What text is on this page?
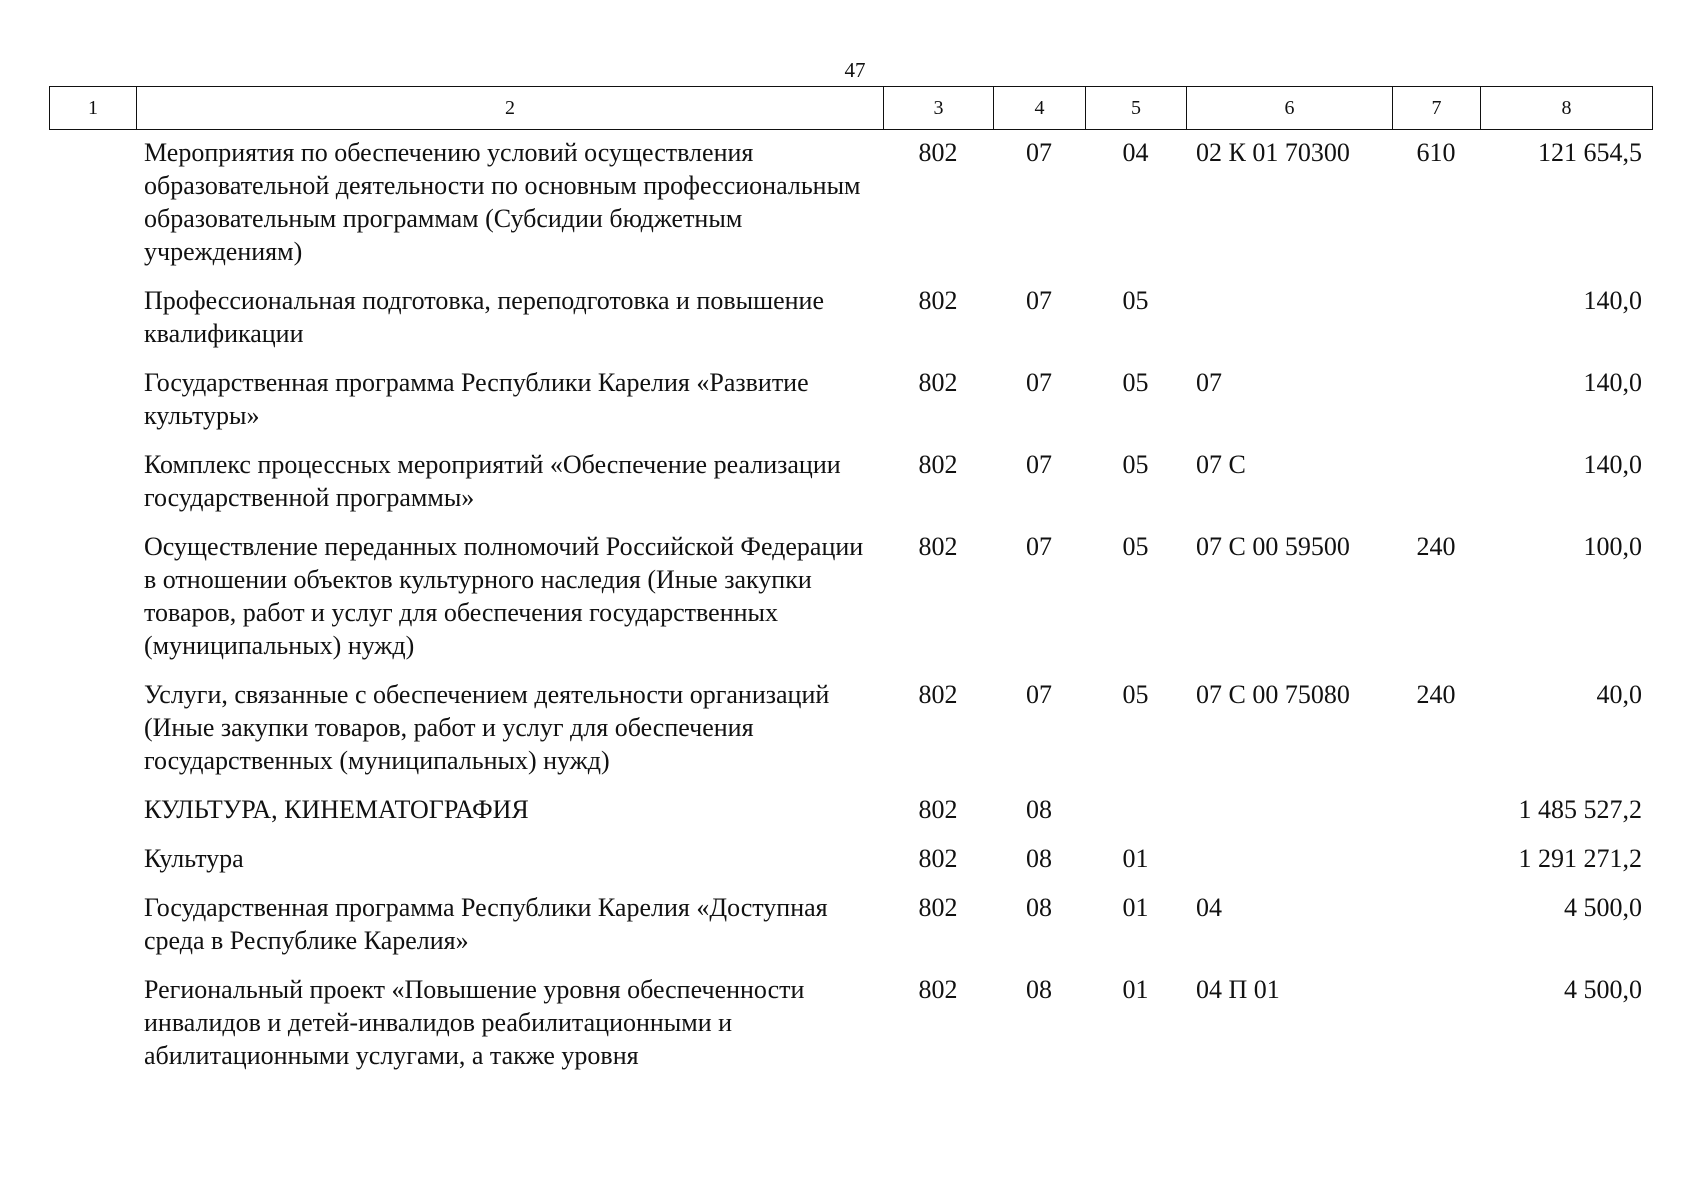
47
1	2	3	4	5	6	7	8
Мероприятия по обеспечению условий осуществления образовательной деятельности по основным профессиональным образовательным программам (Субсидии бюджетным учреждениям)	802	07	04	02 К 01 70300	610	121 654,5
Профессиональная подготовка, переподготовка и повышение квалификации	802	07	05			140,0
Государственная программа Республики Карелия «Развитие культуры»	802	07	05	07		140,0
Комплекс процессных мероприятий «Обеспечение реализации государственной программы»	802	07	05	07 С		140,0
Осуществление переданных полномочий Российской Федерации в отношении объектов культурного наследия (Иные закупки товаров, работ и услуг для обеспечения государственных (муниципальных) нужд)	802	07	05	07 С 00 59500	240	100,0
Услуги, связанные с обеспечением деятельности организаций (Иные закупки товаров, работ и услуг для обеспечения государственных (муниципальных) нужд)	802	07	05	07 С 00 75080	240	40,0
КУЛЬТУРА, КИНЕМАТОГРАФИЯ	802	08				1 485 527,2
Культура	802	08	01			1 291 271,2
Государственная программа Республики Карелия «Доступная среда в Республике Карелия»	802	08	01	04		4 500,0
Региональный проект «Повышение уровня обеспеченности инвалидов и детей-инвалидов реабилитационными и абилитационными услугами, а также уровня	802	08	01	04 П 01		4 500,0
